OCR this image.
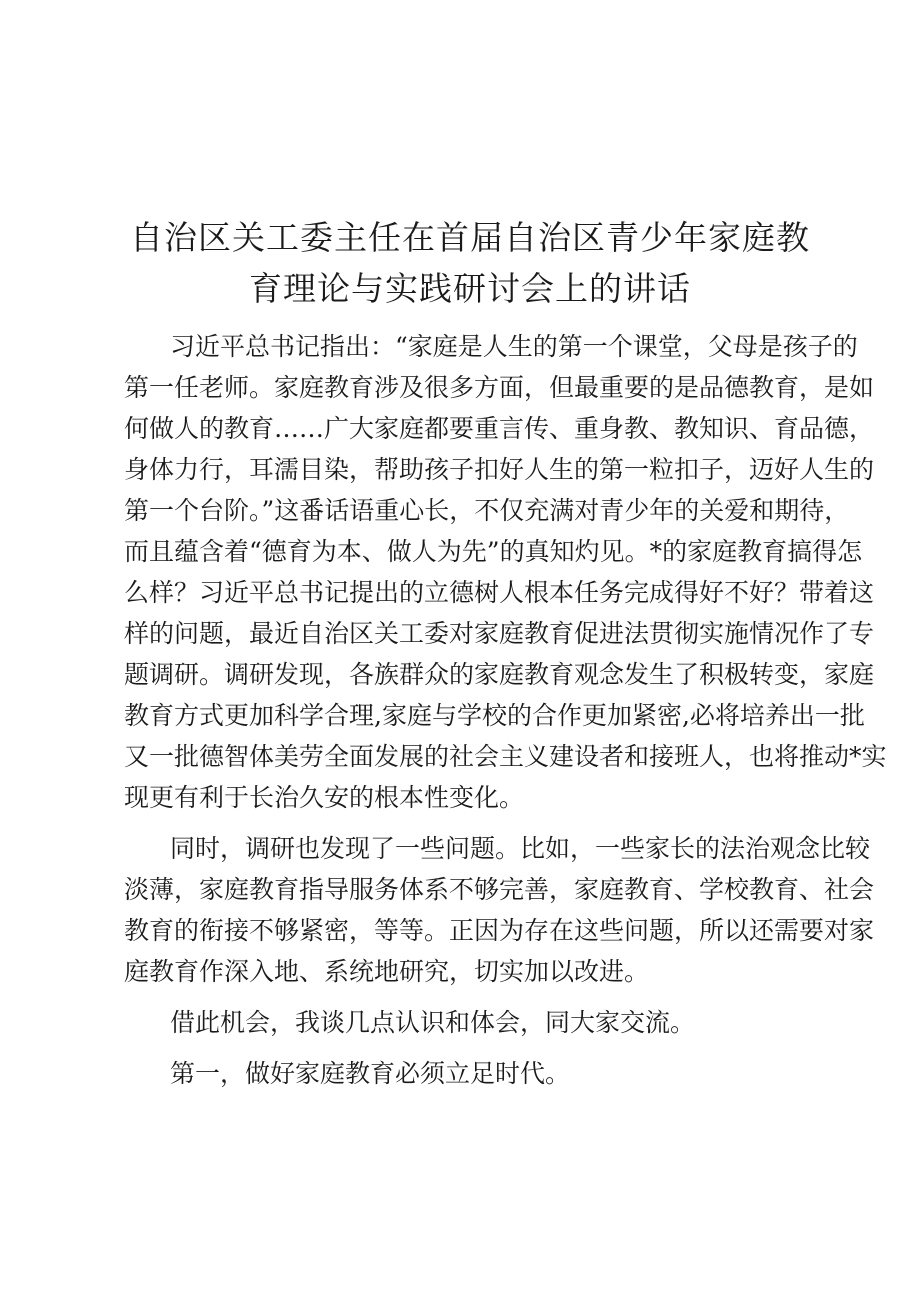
自治区关工委主任在首届自治区青少年家庭教
育理论与实践研讨会上的讲话

习近平总书记指出：“家庭是人生的第一个课堂，父母是孩子的
第一任老师。家庭教育涉及很多方面，但最重要的是品德教育，是如
何做人的教育……广大家庭都要重言传、重身教、教知识、育品德，
身体力行，耳濡目染，帮助孩子扣好人生的第一粒扣子，迈好人生的
第一个台阶。”这番话语重心长，不仅充满对青少年的关爱和期待，
而且蕴含着“德育为本、做人为先”的真知灼见。*的家庭教育搞得怎
么样？习近平总书记提出的立德树人根本任务完成得好不好？带着这
样的问题，最近自治区关工委对家庭教育促进法贯彻实施情况作了专
题调研。调研发现，各族群众的家庭教育观念发生了积极转变，家庭
教育方式更加科学合理,家庭与学校的合作更加紧密,必将培养出一批
又一批德智体美劳全面发展的社会主义建设者和接班人，也将推动*实
现更有利于长治久安的根本性变化。

同时，调研也发现了一些问题。比如，一些家长的法治观念比较
淡薄，家庭教育指导服务体系不够完善，家庭教育、学校教育、社会
教育的衔接不够紧密，等等。正因为存在这些问题，所以还需要对家
庭教育作深入地、系统地研究，切实加以改进。

借此机会，我谈几点认识和体会，同大家交流。

第一，做好家庭教育必须立足时代。
